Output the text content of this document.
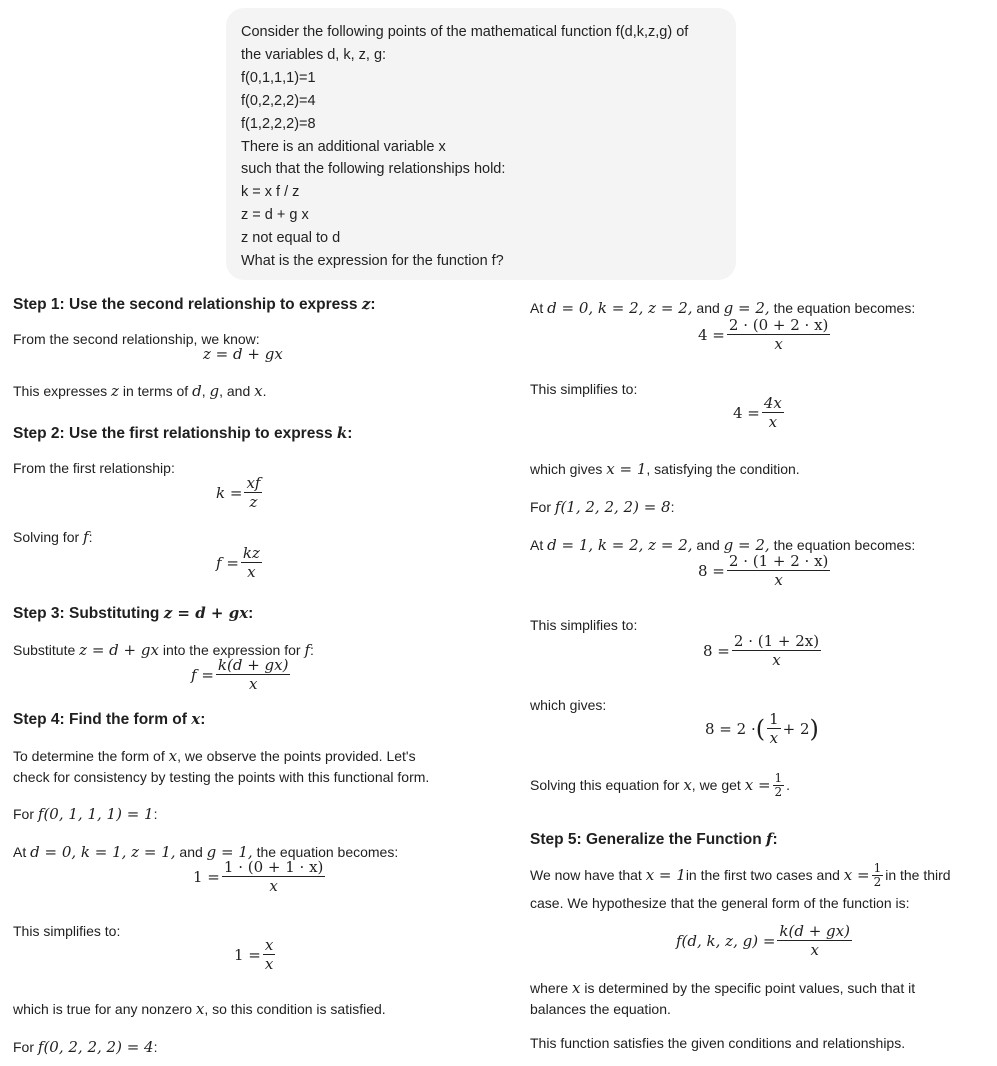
Consider the following points of the mathematical function f(d,k,z,g) of
the variables d, k, z, g:
f(0,1,1,1)=1
f(0,2,2,2)=4
f(1,2,2,2)=8
There is an additional variable x
such that the following relationships hold:
k = x f / z
z = d + g x
z not equal to d
What is the expression for the function f?
Step 1: Use the second relationship to express z:

From the second relationship, we know:

z = d + gx

This expresses z in terms of d, g, and x.

Step 2: Use the first relationship to express k:

From the first relationship:

$k = \frac{xf}{z}$

Solving for f:

$f = \frac{kz}{x}$
Step 3: Substituting z = d + gx:

Substitute z = d + gx into the expression for f:

$f = \frac{k(d + gx)}{x}$
Step 4: Find the form of x:

To determine the form of x, we observe the points provided. Let's

check for consistency by testing the points with this functional form.

For f(0, 1, 1, 1) = 1:

At d = 0, k = 1, z = 1, and g = 1, the equation becomes:

$1 = \frac{1 \cdot (0 + 1 \cdot x)}{x}$

This simplifies to:

$1 = \frac{x}{x}$

which is true for any nonzero x, so this condition is satisfied.

For f(0, 2, 2, 2) = 4:

At d = 0, k = 2, z = 2, and g = 2, the equation becomes:

$4 = \frac{2 \cdot (0 + 2 \cdot x)}{x}$

This simplifies to:

$4 = \frac{4x}{x}$

which gives x = 1, satisfying the condition.

For f(1, 2, 2, 2) = 8:

At d = 1, k = 2, z = 2, and g = 2, the equation becomes:

$8 = \frac{2 \cdot (1 + 2 \cdot x)}{x}$

This simplifies to:

$8 = \frac{2 \cdot (1 + 2x)}{x}$

which gives:

8 = 2 · ( $\frac{1}{x} + 2$ )

Solving this equation for
x , we get
$x = \frac{1}{2}$ .

Step 5: Generalize the Function f:

We now have that
x = 1 in the first two cases and
$x = \frac{1}{2}$ in the third

case. We hypothesize that the general form of the function is:

f(d, k, z, $g) = \frac{k(d + gx)}{x}$

where x is determined by the specific point values, such that it

balances the equation.

This function satisfies the given conditions and relationships.
